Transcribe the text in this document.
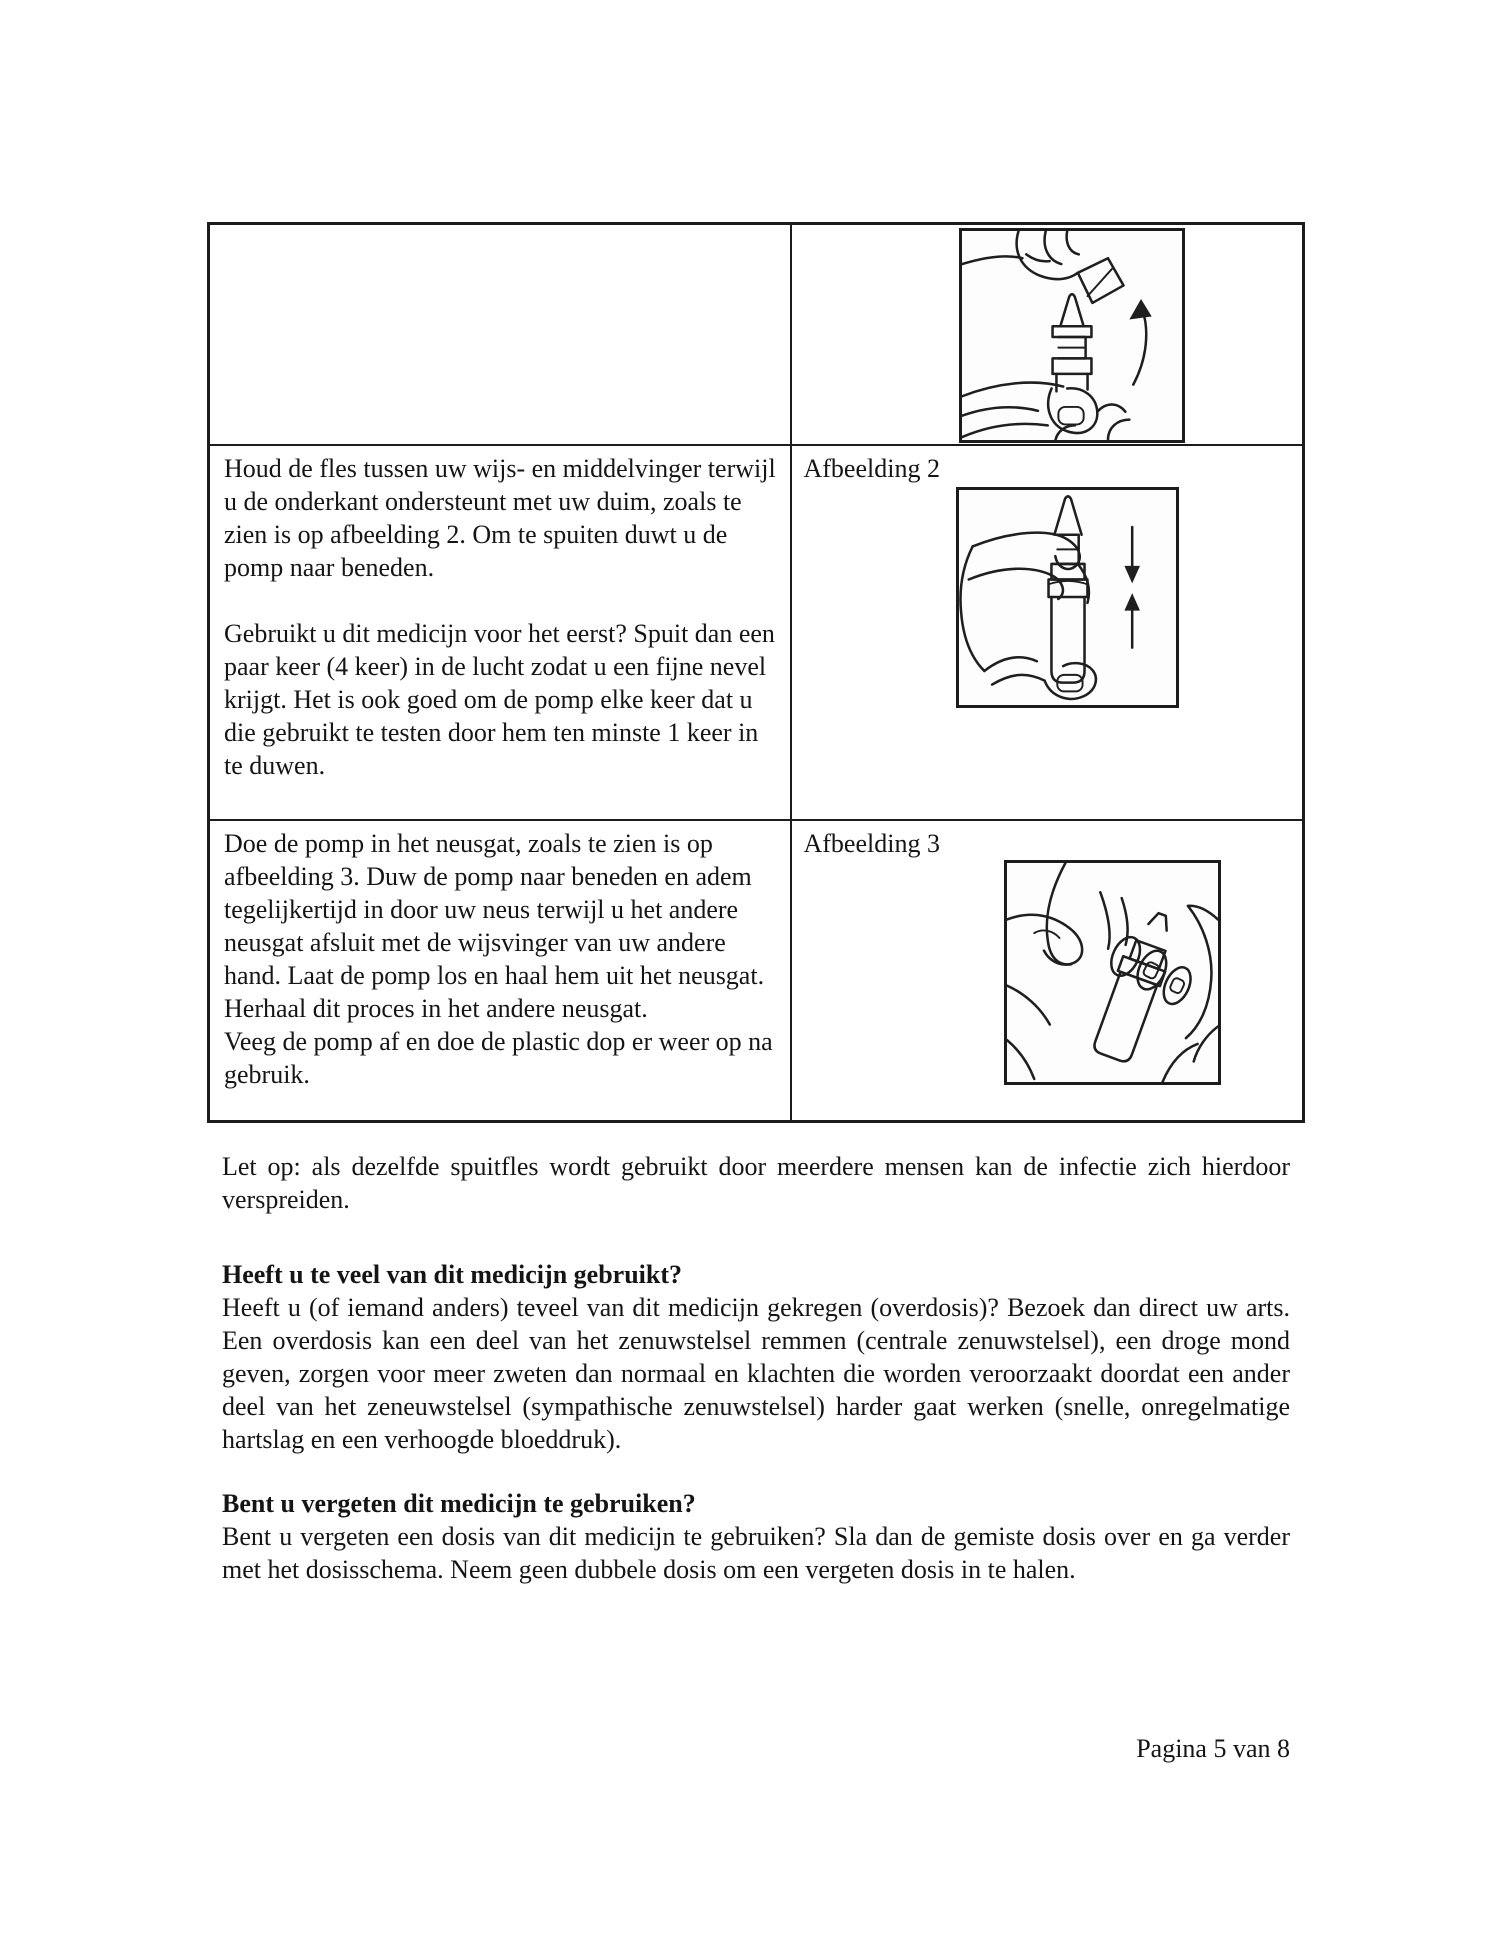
Houd de fles tussen uw wijs- en middelvinger terwijl u de onderkant ondersteunt met uw duim, zoals te zien is op afbeelding 2. Om te spuiten duwt u de pomp naar beneden.

Gebruikt u dit medicijn voor het eerst? Spuit dan een paar keer (4 keer) in de lucht zodat u een fijne nevel krijgt. Het is ook goed om de pomp elke keer dat u die gebruikt te testen door hem ten minste 1 keer in te duwen.	Afbeelding 2

Doe de pomp in het neusgat, zoals te zien is op afbeelding 3. Duw de pomp naar beneden en adem tegelijkertijd in door uw neus terwijl u het andere neusgat afsluit met de wijsvinger van uw andere hand. Laat de pomp los en haal hem uit het neusgat. Herhaal dit proces in het andere neusgat.

Veeg de pomp af en doe de plastic dop er weer op na gebruik.	Afbeelding 3

Let op: als dezelfde spuitfles wordt gebruikt door meerdere mensen kan de infectie zich hierdoor verspreiden.

Heeft u te veel van dit medicijn gebruikt?

Heeft u (of iemand anders) teveel van dit medicijn gekregen (overdosis)? Bezoek dan direct uw arts. Een overdosis kan een deel van het zenuwstelsel remmen (centrale zenuwstelsel), een droge mond geven, zorgen voor meer zweten dan normaal en klachten die worden veroorzaakt doordat een ander deel van het zeneuwstelsel (sympathische zenuwstelsel) harder gaat werken (snelle, onregelmatige hartslag en een verhoogde bloeddruk).

Bent u vergeten dit medicijn te gebruiken?

Bent u vergeten een dosis van dit medicijn te gebruiken? Sla dan de gemiste dosis over en ga verder met het dosisschema. Neem geen dubbele dosis om een vergeten dosis in te halen.

Pagina 5 van 8
